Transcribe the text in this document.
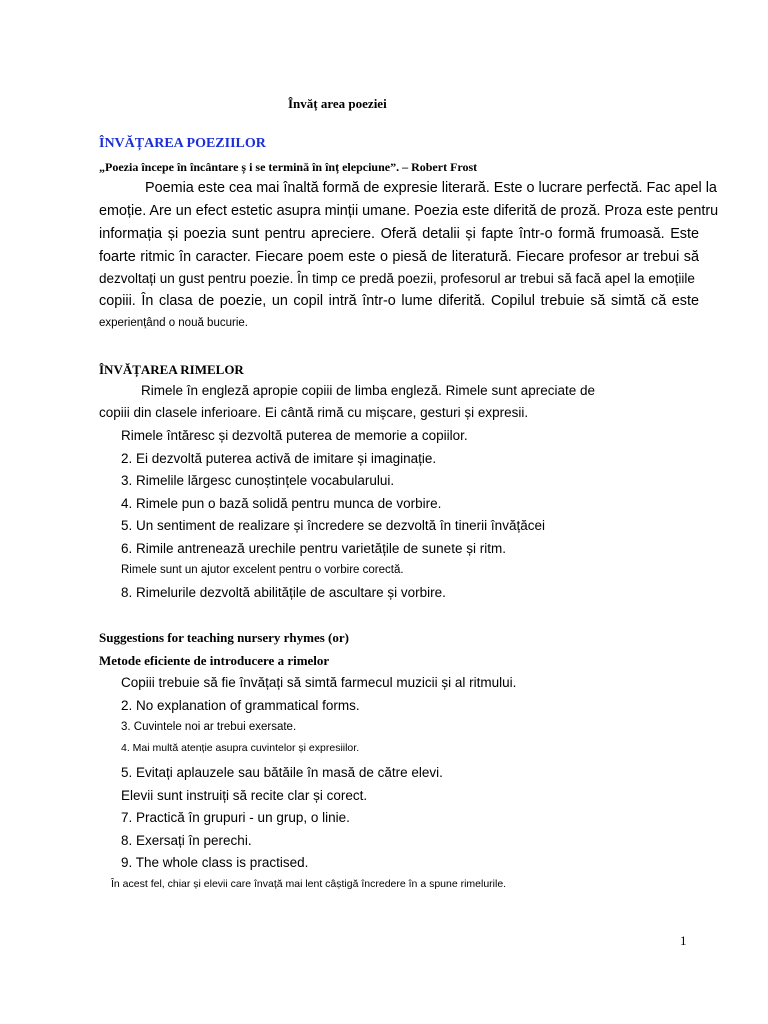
Învăț area poeziei
ÎNVĂȚAREA POEZIILOR
„Poezia începe în încântare ș i se termină în înț elepciune”. – Robert Frost
Poemia este cea mai înaltă formă de expresie literară. Este o lucrare perfectă. Fac apel la
emoție. Are un efect estetic asupra minții umane. Poezia este diferită de proză. Proza este pentru
informația și poezia sunt pentru apreciere. Oferă detalii și fapte într-o formă frumoasă. Este
foarte ritmic în caracter. Fiecare poem este o piesă de literatură. Fiecare profesor ar trebui să
dezvoltați un gust pentru poezie. În timp ce predă poezii, profesorul ar trebui să facă apel la emoțiile
copiii. În clasa de poezie, un copil intră într-o lume diferită. Copilul trebuie să simtă că este
experiențând o nouă bucurie.
ÎNVĂȚAREA RIMELOR
Rimele în engleză apropie copiii de limba engleză. Rimele sunt apreciate de
copiii din clasele inferioare. Ei cântă rimă cu mișcare, gesturi și expresii.
Rimele întăresc și dezvoltă puterea de memorie a copiilor.
2. Ei dezvoltă puterea activă de imitare și imaginație.
3. Rimelile lărgesc cunoștințele vocabularului.
4. Rimele pun o bază solidă pentru munca de vorbire.
5. Un sentiment de realizare și încredere se dezvoltă în tinerii învățăcei
6. Rimile antrenează urechile pentru varietățile de sunete și ritm.
Rimele sunt un ajutor excelent pentru o vorbire corectă.
8. Rimelurile dezvoltă abilitățile de ascultare și vorbire.
Suggestions for teaching nursery rhymes (or)
Metode eficiente de introducere a rimelor
Copiii trebuie să fie învățați să simtă farmecul muzicii și al ritmului.
2. No explanation of grammatical forms.
3. Cuvintele noi ar trebui exersate.
4. Mai multă atenție asupra cuvintelor și expresiilor.
5. Evitați aplauzele sau bătăile în masă de către elevi.
Elevii sunt instruiți să recite clar și corect.
7. Practică în grupuri - un grup, o linie.
8. Exersați în perechi.
9. The whole class is practised.
În acest fel, chiar și elevii care învață mai lent câștigă încredere în a spune rimelurile.
1
